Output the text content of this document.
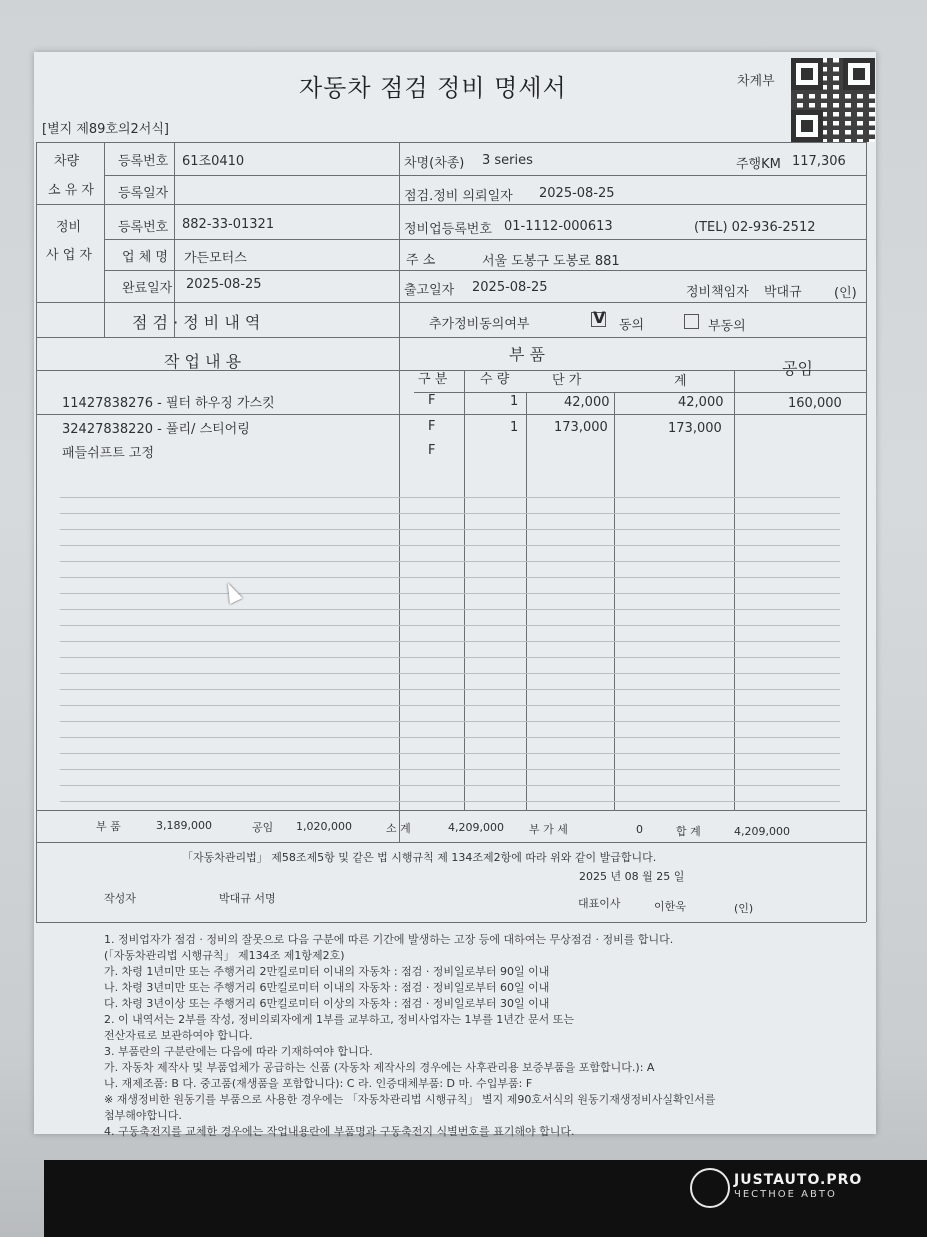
자동차 점검 정비 명세서	차계부
[별지 제89호의2서식]
차량
소 유 자
등록번호 61조0410	차명(차종) 3 series	주행KM 117,306
등록일자	점검.정비 의뢰일자 2025-08-25
정비
사 업 자
등록번호 882-33-01321	정비업등록번호 01-1112-000613	(TEL) 02-936-2512
업 체 명 가든모터스	주 소	서울 도봉구 도봉로 881
완료일자 2025-08-25	출고일자 2025-08-25	정비책임자 박대규 (인)
점 검 · 정 비 내 역	추가정비동의여부	V 동의	부동의
작 업 내 용	부 품
공임
구 분	수 량	단 가	계
11427838276 - 필터 하우징 가스킷	F	1	42,000	42,000	160,000
32427838220 - 풀리/ 스티어링	F	1	173,000	173,000
패들쉬프트 고정	F
부 품	3,189,000	공임 1,020,000	소 계	4,209,000 부 가 세	0	합 계	4,209,000
「자동차관리법」 제58조제5항 및 같은 법 시행규칙 제 134조제2항에 따라 위와 같이 발급합니다.
2025 년 08 월 25 일
작성자	박대규 서명	대표이사	이한욱	(인)
1. 정비업자가 점검 · 정비의 잘못으로 다음 구분에 따른 기간에 발생하는 고장 등에 대하여는 무상점검 · 정비를 합니다.
(「자동차관리법 시행규칙」 제134조 제1항제2호)
가. 차령 1년미만 또는 주행거리 2만킬로미터 이내의 자동차 : 점검 · 정비일로부터 90일 이내
나. 차령 3년미만 또는 주행거리 6만킬로미터 이내의 자동차 : 점검 · 정비일로부터 60일 이내
다. 차령 3년이상 또는 주행거리 6만킬로미터 이상의 자동차 : 점검 · 정비일로부터 30일 이내
2. 이 내역서는 2부를 작성, 정비의뢰자에게 1부를 교부하고, 정비사업자는 1부를 1년간 문서 또는
전산자료로 보관하여야 합니다.
3. 부품란의 구분란에는 다음에 따라 기재하여야 합니다.
가. 자동차 제작사 및 부품업체가 공급하는 신품 (자동차 제작사의 경우에는 사후관리용 보증부품을 포함합니다.): A
나. 재제조품: B 다. 중고품(재생품을 포함합니다): C 라. 인증대체부품: D 마. 수입부품: F
※ 재생정비한 원동기를 부품으로 사용한 경우에는 「자동차관리법 시행규칙」 별지 제90호서식의 원동기재생정비사실확인서를
첨부해야합니다.
4. 구동축전지를 교체한 경우에는 작업내용란에 부품명과 구동축전지 식별번호를 표기해야 합니다.
JUSTAUTO.PRO
ЧЕСТНОЕ АВТО
